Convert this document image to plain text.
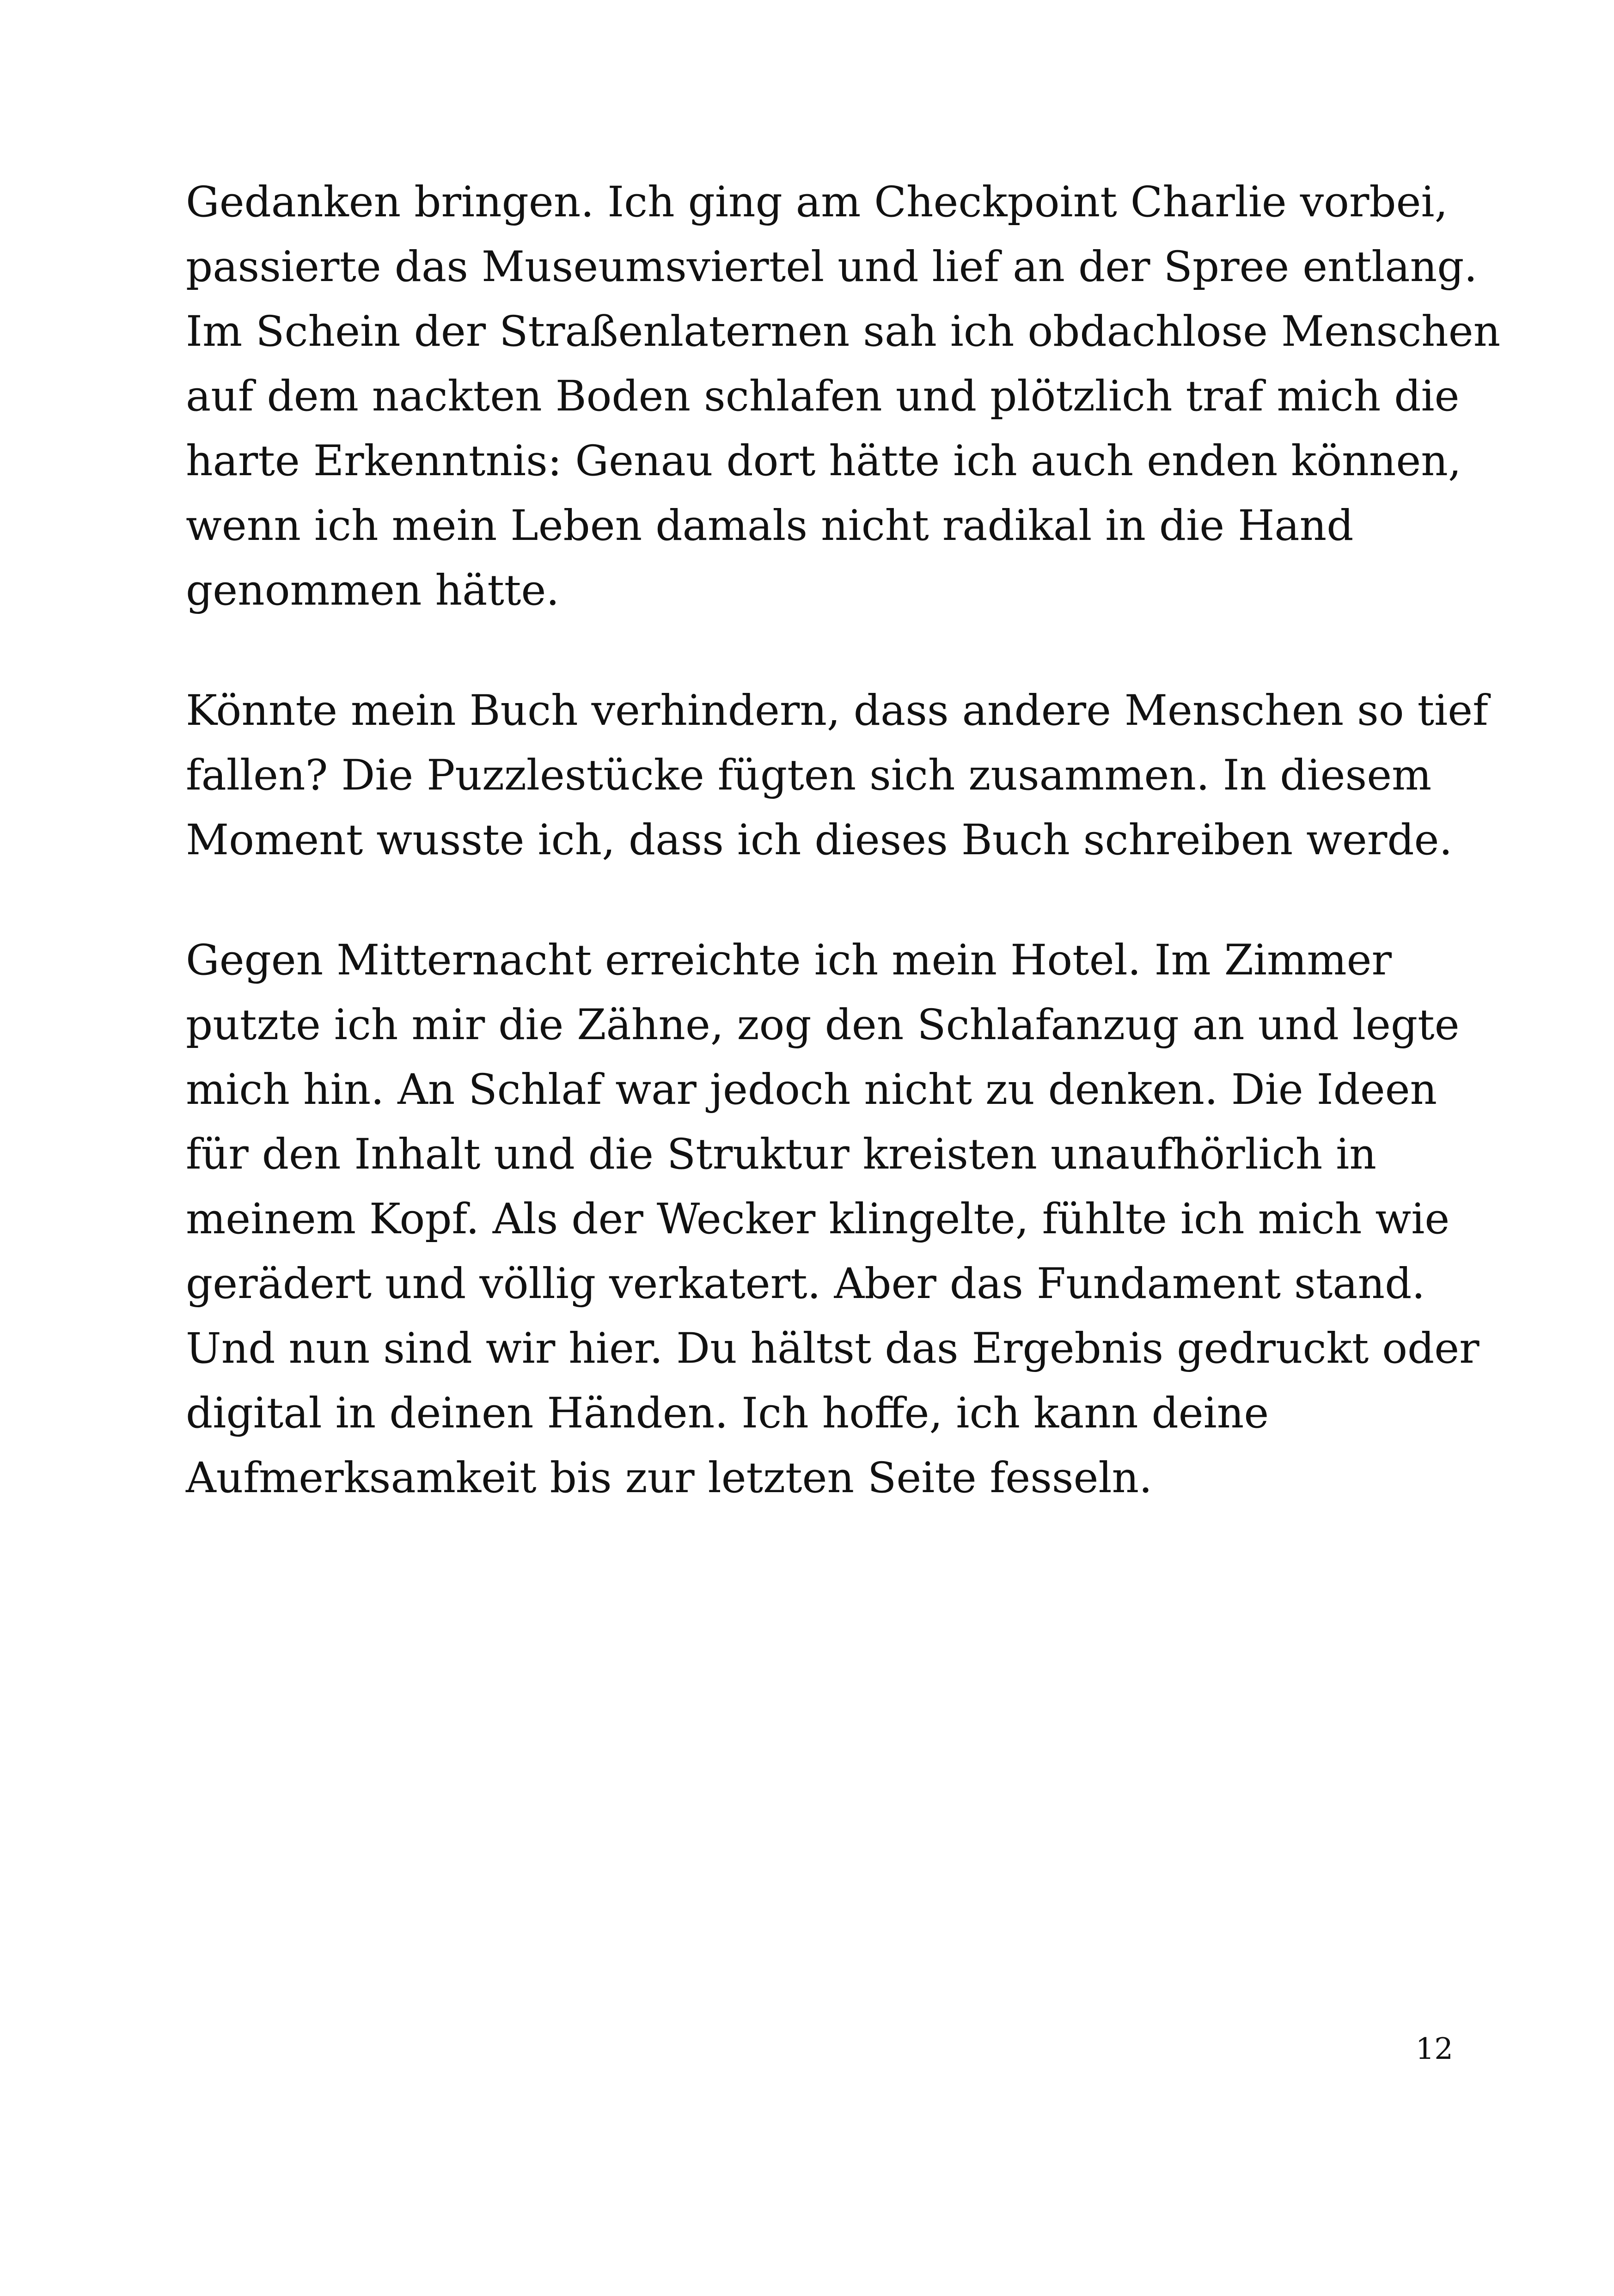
Gedanken bringen. Ich ging am Checkpoint Charlie vorbei,
passierte das Museumsviertel und lief an der Spree entlang.
Im Schein der Straßenlaternen sah ich obdachlose Menschen
auf dem nackten Boden schlafen und plötzlich traf mich die
harte Erkenntnis: Genau dort hätte ich auch enden können,
wenn ich mein Leben damals nicht radikal in die Hand
genommen hätte.

Könnte mein Buch verhindern, dass andere Menschen so tief
fallen? Die Puzzlestücke fügten sich zusammen. In diesem
Moment wusste ich, dass ich dieses Buch schreiben werde.

Gegen Mitternacht erreichte ich mein Hotel. Im Zimmer
putzte ich mir die Zähne, zog den Schlafanzug an und legte
mich hin. An Schlaf war jedoch nicht zu denken. Die Ideen
für den Inhalt und die Struktur kreisten unaufhörlich in
meinem Kopf. Als der Wecker klingelte, fühlte ich mich wie
gerädert und völlig verkatert. Aber das Fundament stand.
Und nun sind wir hier. Du hältst das Ergebnis gedruckt oder
digital in deinen Händen. Ich hoffe, ich kann deine
Aufmerksamkeit bis zur letzten Seite fesseln.

12
